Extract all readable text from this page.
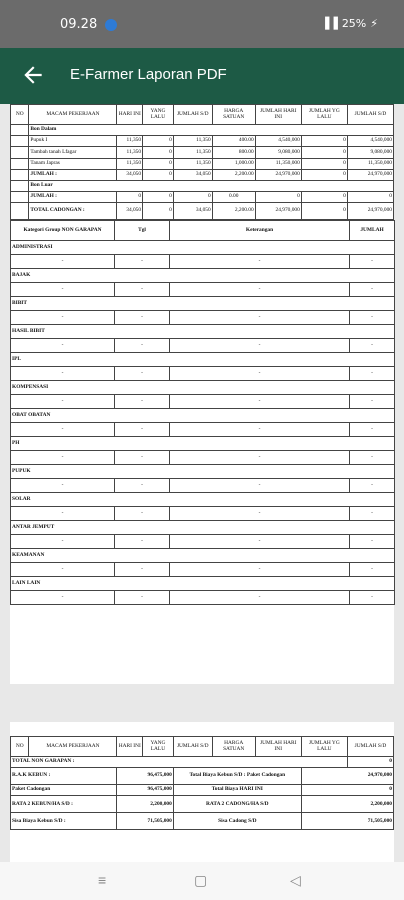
09.28	▐▐ 25% ⚡
E-Farmer Laporan PDF
NO	MACAM PEKERJAAN	HARI INI	YANG LALU	JUMLAH S/D	HARGA SATUAN	JUMLAH HARI INI	JUMLAH YG LALU	JUMLAH S/D
	Bon Dalam							
	Pupuk I	11,350	0	11,350	400.00	4,540,000	0	4,540,000
	Tambah tanah Lfagar	11,350	0	11,350	800.00	9,080,000	0	9,080,000
	Tanam Japras	11,350	0	11,350	1,000.00	11,350,000	0	11,350,000
	JUMLAH :	34,050	0	34,050	2,200.00	24,970,000	0	24,970,000
	Bon Luar							
	JUMLAH :	0	0	0	0.00	0	0	0
	TOTAL CADONGAN :	34,050	0	34,050	2,200.00	24,970,000	0	24,970,000
Kategori Group NON GARAPAN	Tgl	Keterangan	JUMLAH
ADMINISTRASI			
-	-	-	-
BAJAK			
-	-	-	-
BIBIT			
-	-	-	-
HASIL BIBIT			
-	-	-	-
IPL			
-	-	-	-
KOMPENSASI			
-	-	-	-
OBAT OBATAN			
-	-	-	-
PH			
-	-	-	-
PUPUK			
-	-	-	-
SOLAR			
-	-	-	-
ANTAR JEMPUT			
-	-	-	-
KEAMANAN			
-	-	-	-
LAIN LAIN			
-	-	-	-
NO	MACAM PEKERJAAN	HARI INI	YANG LALU	JUMLAH S/D	HARGA SATUAN	JUMLAH HARI INI	JUMLAH YG LALU	JUMLAH S/D
TOTAL NON GARAPAN :								0
R.A.K KEBUN :		96,475,000		Total Biaya Kebun S/D : Paket Cadongan			24,970,000	
Paket Cadongan		96,475,000		Total Biaya HARI INI			0	
RATA 2 KEBUN/HA S/D :		2,200,000		RATA 2 CADONG/HA S/D			2,200,000	
Sisa Biaya Kebun S/D :		71,505,000		Sisa Cadong S/D			71,505,000	
≡	▢	◁
